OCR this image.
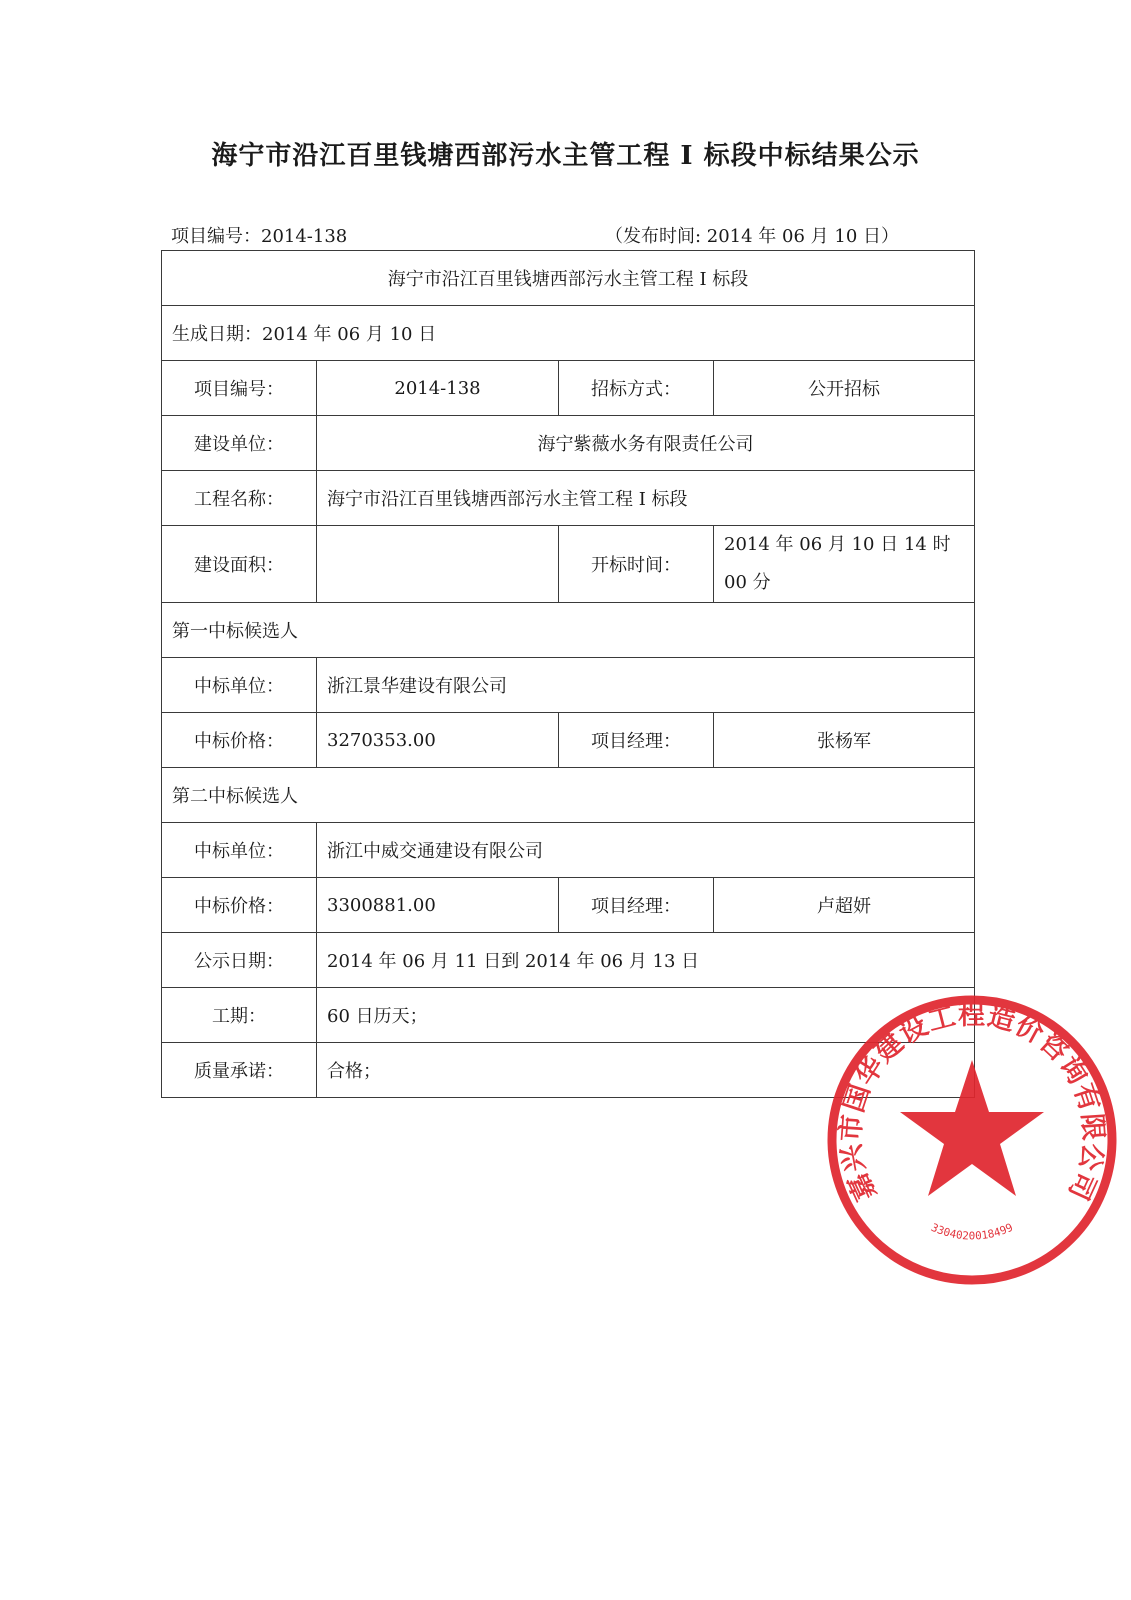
海宁市沿江百里钱塘西部污水主管工程 I 标段中标结果公示
项目编号：2014-138	（发布时间: 2014 年 06 月 10 日）
海宁市沿江百里钱塘西部污水主管工程 I 标段			
生成日期：2014 年 06 月 10 日			
项目编号：	2014-138	招标方式：	公开招标
建设单位：	海宁紫薇水务有限责任公司		
工程名称：	海宁市沿江百里钱塘西部污水主管工程 I 标段		
建设面积：		开标时间：	2014 年 06 月 10 日 14 时
00 分

第一中标候选人			
中标单位：	浙江景华建设有限公司		
中标价格：	3270353.00	项目经理：	张杨军
第二中标候选人			
中标单位：	浙江中威交通建设有限公司		
中标价格：	3300881.00	项目经理：	卢超妍
公示日期：	2014 年 06 月 11 日到 2014 年 06 月 13 日		
工期：	60 日历天；		
质量承诺：	合格；		
嘉兴市国华建设工程造价咨询有限公司
3304020018499
